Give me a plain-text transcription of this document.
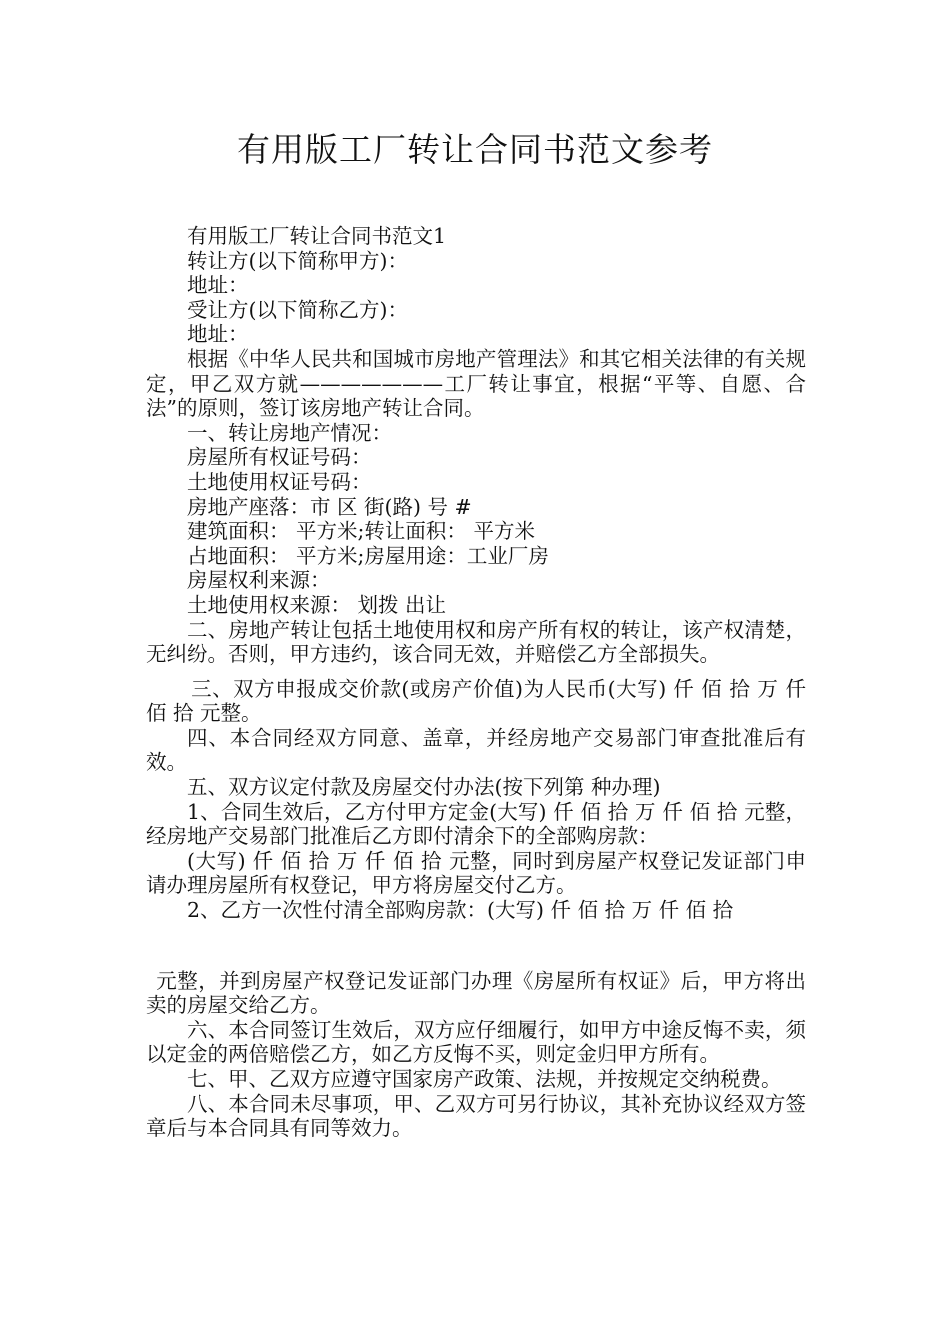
有用版工厂转让合同书范文参考

有用版工厂转让合同书范文1

转让方(以下简称甲方)：

地址：

受让方(以下简称乙方)：

地址：

根据《中华人民共和国城市房地产管理法》和其它相关法律的有关规定，甲乙双方就———————工厂转让事宜，根据“平等、自愿、合法”的原则，签订该房地产转让合同。

一、转让房地产情况：

房屋所有权证号码：

土地使用权证号码：

房地产座落：市 区 街(路) 号 #

建筑面积： 平方米;转让面积： 平方米

占地面积： 平方米;房屋用途：工业厂房

房屋权利来源：

土地使用权来源： 划拨 出让

二、房地产转让包括土地使用权和房产所有权的转让，该产权清楚，无纠纷。否则，甲方违约，该合同无效，并赔偿乙方全部损失。

三、双方申报成交价款(或房产价值)为人民币(大写) 仟 佰 拾 万 仟 佰 拾 元整。

四、本合同经双方同意、盖章，并经房地产交易部门审查批准后有效。

五、双方议定付款及房屋交付办法(按下列第 种办理)

1、合同生效后，乙方付甲方定金(大写) 仟 佰 拾 万 仟 佰 拾 元整，经房地产交易部门批准后乙方即付清余下的全部购房款：

(大写) 仟 佰 拾 万 仟 佰 拾 元整，同时到房屋产权登记发证部门申请办理房屋所有权登记，甲方将房屋交付乙方。

2、乙方一次性付清全部购房款：(大写) 仟 佰 拾 万 仟 佰 拾

元整，并到房屋产权登记发证部门办理《房屋所有权证》后，甲方将出卖的房屋交给乙方。

六、本合同签订生效后，双方应仔细履行，如甲方中途反悔不卖，须以定金的两倍赔偿乙方，如乙方反悔不买，则定金归甲方所有。

七、甲、乙双方应遵守国家房产政策、法规，并按规定交纳税费。

八、本合同未尽事项，甲、乙双方可另行协议，其补充协议经双方签章后与本合同具有同等效力。
